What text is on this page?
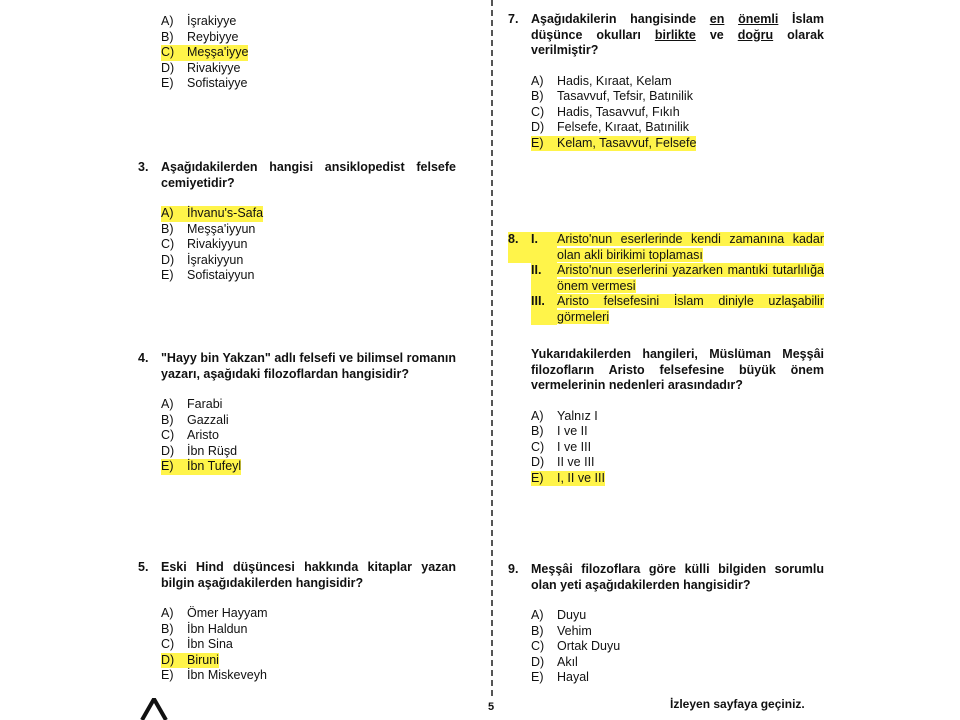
A)	İşrakiyye
B)	Reybiyye
C)	Meşşa'iyye
D)	Rivakiyye
E)	Sofistaiyye
3.	Aşağıdakilerden hangisi ansiklopedist felsefe cemiyetidir?
A)	İhvanu's-Safa
B)	Meşşa'iyyun
C)	Rivakiyyun
D)	İşrakiyyun
E)	Sofistaiyyun
4.	"Hayy bin Yakzan" adlı felsefi ve bilimsel romanın yazarı, aşağıdaki filozoflardan hangisidir?
A)	Farabi
B)	Gazzali
C)	Aristo
D)	İbn Rüşd
E)	İbn Tufeyl
5.	Eski Hind düşüncesi hakkında kitaplar yazan bilgin aşağıdakilerden hangisidir?
A)	Ömer Hayyam
B)	İbn Haldun
C)	İbn Sina
D)	Biruni
E)	İbn Miskeveyh
7.	Aşağıdakilerin hangisinde en önemli İslam düşünce okulları birlikte ve doğru olarak verilmiştir?
A)	Hadis, Kıraat, Kelam
B)	Tasavvuf, Tefsir, Batınilik
C)	Hadis, Tasavvuf, Fıkıh
D)	Felsefe, Kıraat, Batınilik
E)	Kelam, Tasavvuf, Felsefe
8.	I.	Aristo'nun eserlerinde kendi zamanına kadar olan akli birikimi toplaması
II.	Aristo'nun eserlerini yazarken mantıki tutarlılığa önem vermesi
III. Aristo felsefesini İslam diniyle uzlaşabilir görmeleri
Yukarıdakilerden hangileri, Müslüman Meşşâi filozofların Aristo felsefesine büyük önem vermelerinin nedenleri arasındadır?
A)	Yalnız I
B)	I ve II
C)	I ve III
D)	II ve III
E)	I, II ve III
9.	Meşşâi filozoflara göre külli bilgiden sorumlu olan yeti aşağıdakilerden hangisidir?
A)	Duyu
B)	Vehim
C)	Ortak Duyu
D)	Akıl
E)	Hayal
5	İzleyen sayfaya geçiniz.
